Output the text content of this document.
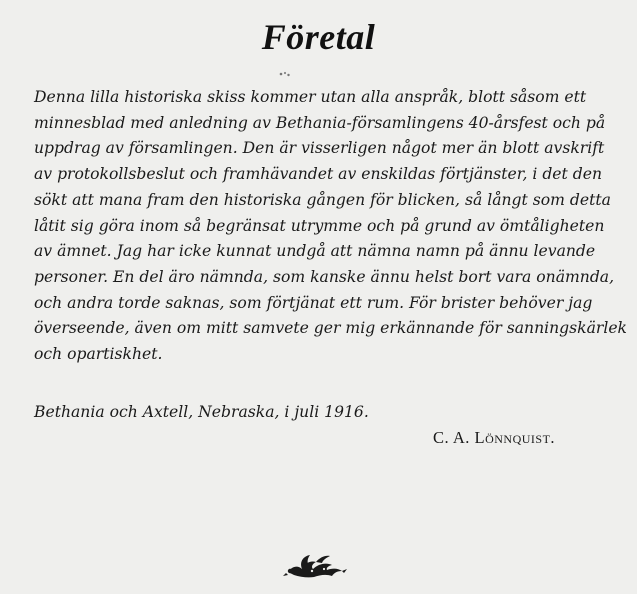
Företal

Denna lilla historiska skiss kommer utan alla anspråk, blott såsom ett
minnesblad med anledning av Bethania-församlingens 40-årsfest och på
uppdrag av församlingen. Den är visserligen något mer än blott avskrift
av protokollsbeslut och framhävandet av enskildas förtjänster, i det den
sökt att mana fram den historiska gången för blicken, så långt som detta
låtit sig göra inom så begränsat utrymme och på grund av ömtåligheten
av ämnet. Jag har icke kunnat undgå att nämna namn på ännu levande
personer. En del äro nämnda, som kanske ännu helst bort vara onämnda,
och andra torde saknas, som förtjänat ett rum. För brister behöver jag
överseende, även om mitt samvete ger mig erkännande för sanningskärlek
och opartiskhet.

Bethania och Axtell, Nebraska, i juli 1916.
C. A. Lönnquist.
